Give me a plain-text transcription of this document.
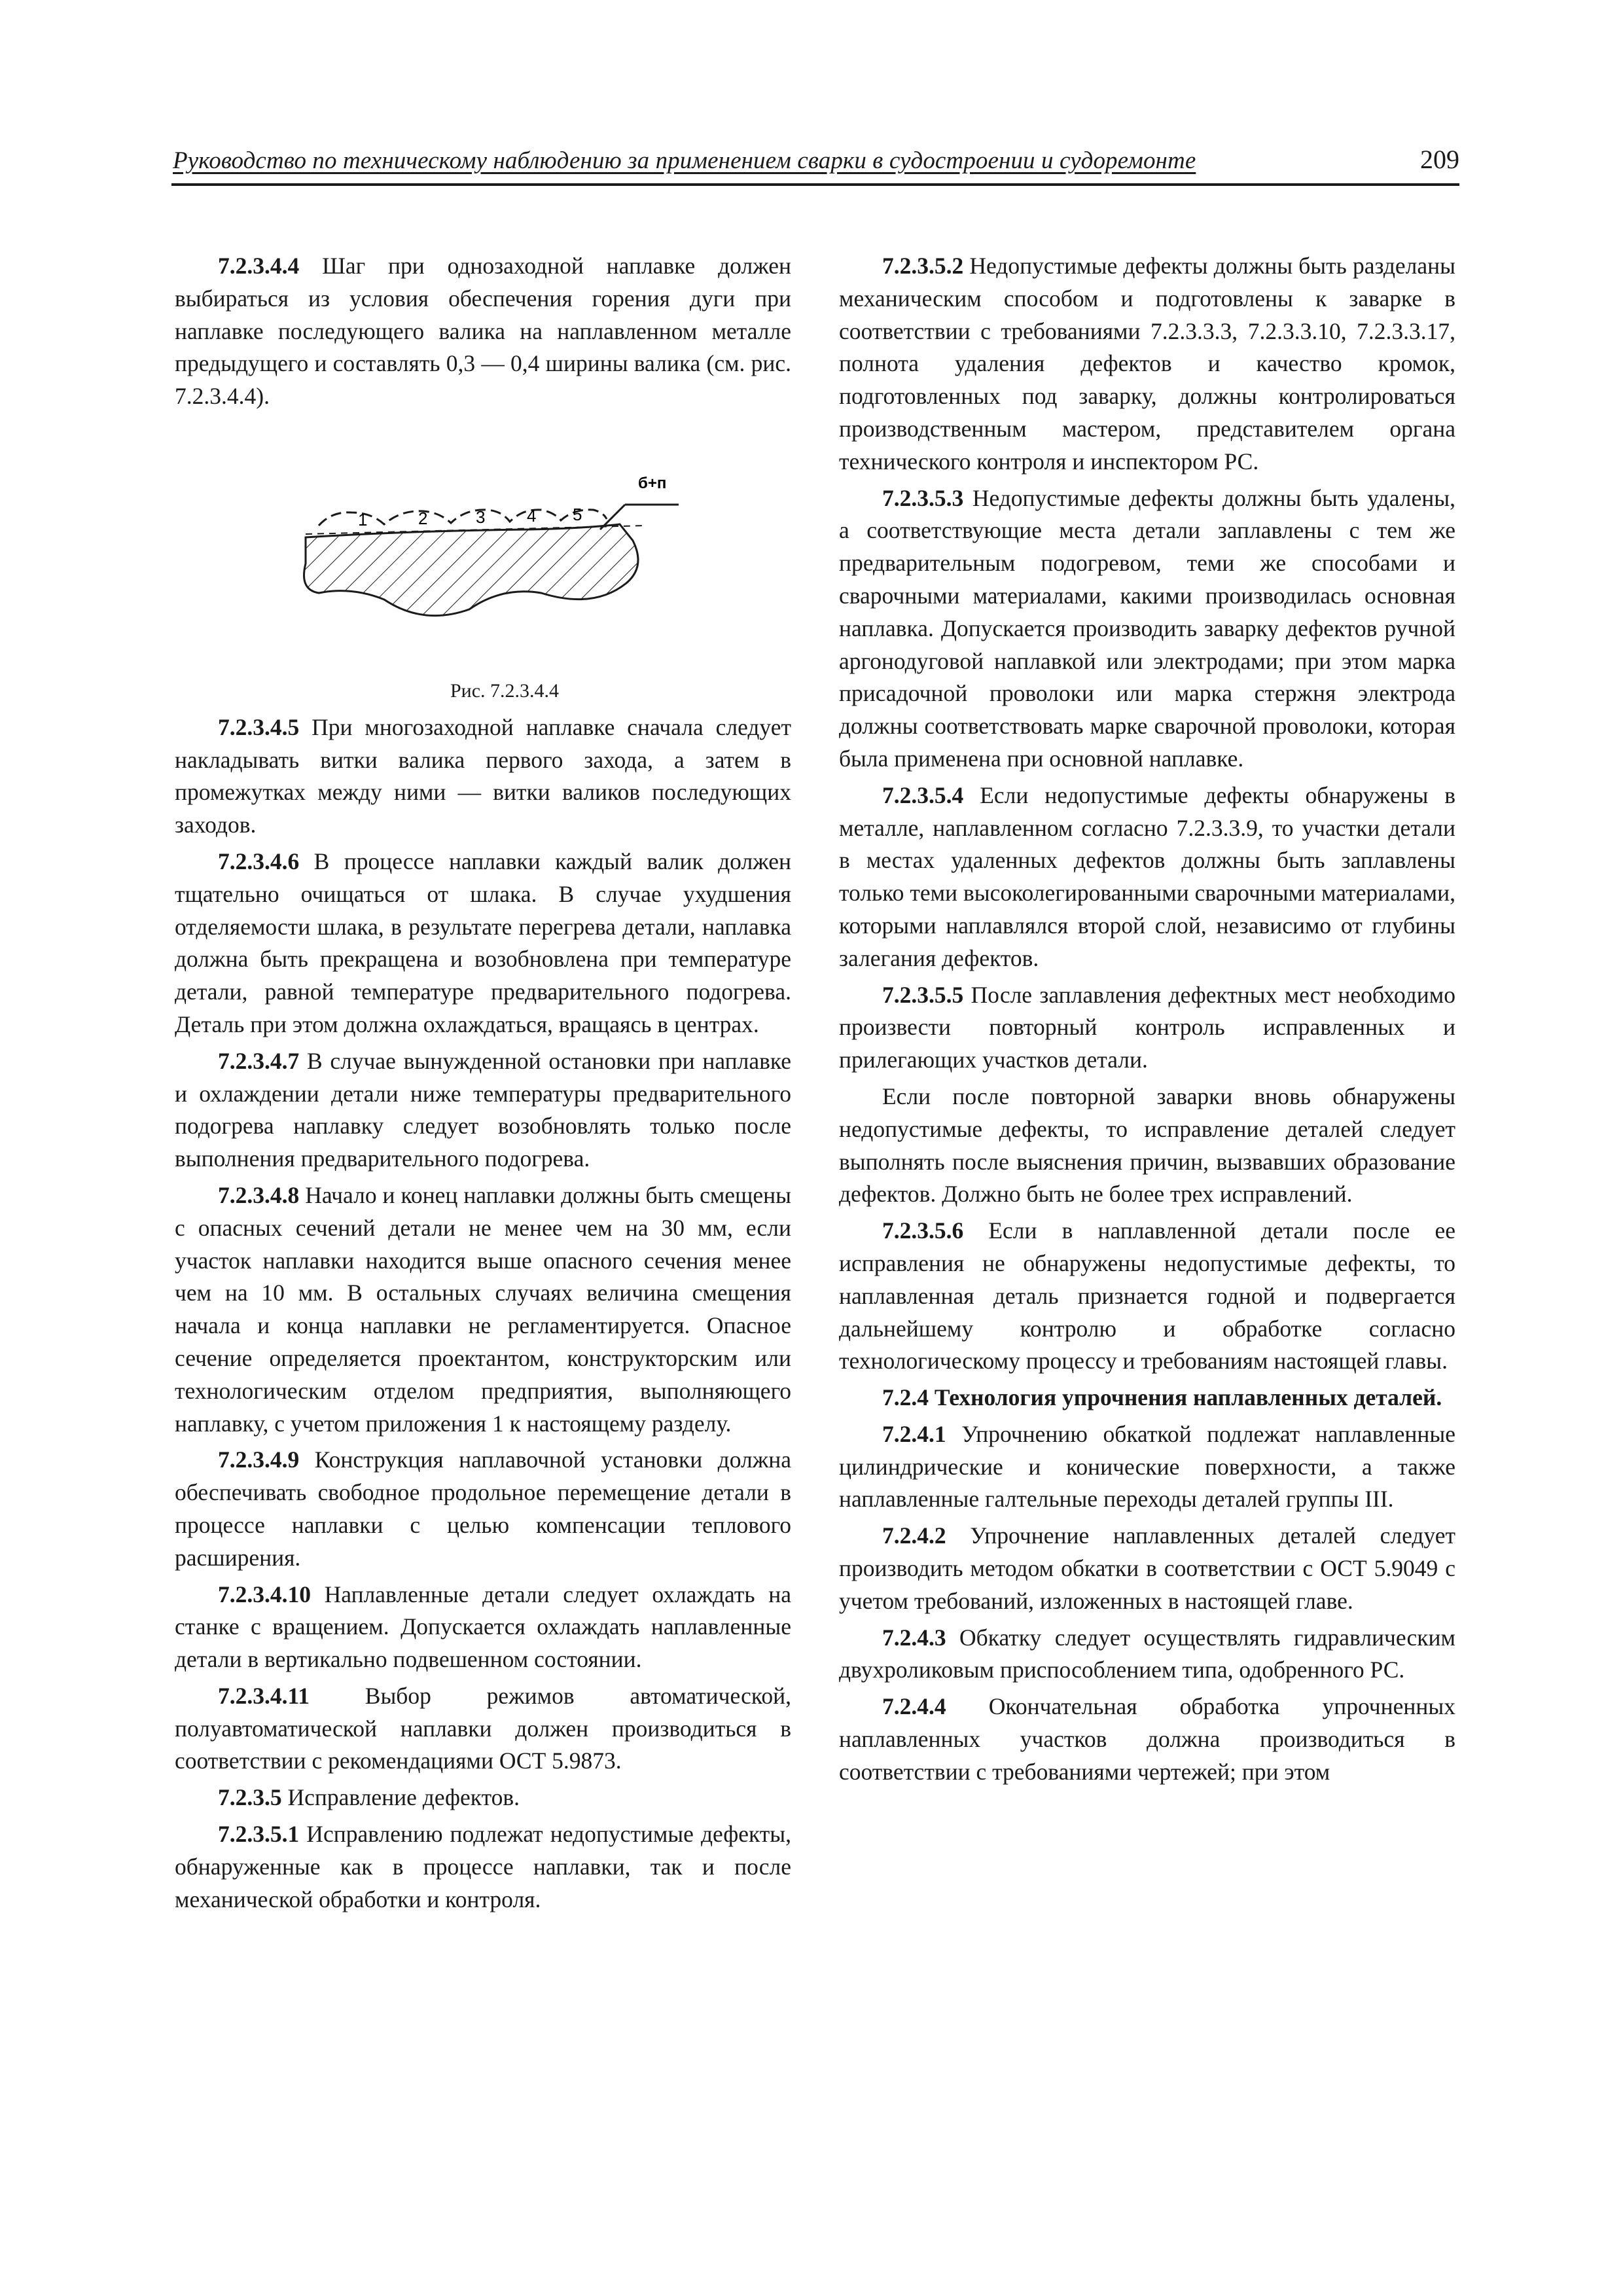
Руководство по техническому наблюдению за применением сварки в судостроении и судоремонте	209

7.2.3.4.4 Шаг при однозаходной наплавке должен выбираться из условия обеспечения горения дуги при наплавке последующего валика на наплавленном металле предыдущего и составлять 0,3 — 0,4 ширины валика (см. рис. 7.2.3.4.4).

б+п
1	2	3 4 5

Рис. 7.2.3.4.4

7.2.3.4.5 При многозаходной наплавке сначала следует накладывать витки валика первого захода, а затем в промежутках между ними — витки валиков последующих заходов.

7.2.3.4.6 В процессе наплавки каждый валик должен тщательно очищаться от шлака. В случае ухудшения отделяемости шлака, в результате перегрева детали, наплавка должна быть прекращена и возобновлена при температуре детали, равной температуре предварительного подогрева. Деталь при этом должна охлаждаться, вращаясь в центрах.

7.2.3.4.7 В случае вынужденной остановки при наплавке и охлаждении детали ниже температуры предварительного подогрева наплавку следует возобновлять только после выполнения предварительного подогрева.

7.2.3.4.8 Начало и конец наплавки должны быть смещены с опасных сечений детали не менее чем на 30 мм, если участок наплавки находится выше опасного сечения менее чем на 10 мм. В остальных случаях величина смещения начала и конца наплавки не регламентируется. Опасное сечение определяется проектантом, конструкторским или технологическим отделом предприятия, выполняющего наплавку, с учетом приложения 1 к настоящему разделу.

7.2.3.4.9 Конструкция наплавочной установки должна обеспечивать свободное продольное перемещение детали в процессе наплавки с целью компенсации теплового расширения.

7.2.3.4.10 Наплавленные детали следует охлаждать на станке с вращением. Допускается охлаждать наплавленные детали в вертикально подвешенном состоянии.

7.2.3.4.11 Выбор режимов автоматической, полуавтоматической наплавки должен производиться в соответствии с рекомендациями ОСТ 5.9873.

7.2.3.5 Исправление дефектов.

7.2.3.5.1 Исправлению подлежат недопустимые дефекты, обнаруженные как в процессе наплавки, так и после механической обработки и контроля.

7.2.3.5.2 Недопустимые дефекты должны быть разделаны механическим способом и подготовлены к заварке в соответствии с требованиями 7.2.3.3.3, 7.2.3.3.10, 7.2.3.3.17, полнота удаления дефектов и качество кромок, подготовленных под заварку, должны контролироваться производственным мастером, представителем органа технического контроля и инспектором РС.

7.2.3.5.3 Недопустимые дефекты должны быть удалены, а соответствующие места детали заплавлены с тем же предварительным подогревом, теми же способами и сварочными материалами, какими производилась основная наплавка. Допускается производить заварку дефектов ручной аргонодуговой наплавкой или электродами; при этом марка присадочной проволоки или марка стержня электрода должны соответствовать марке сварочной проволоки, которая была применена при основной наплавке.

7.2.3.5.4 Если недопустимые дефекты обнаружены в металле, наплавленном согласно 7.2.3.3.9, то участки детали в местах удаленных дефектов должны быть заплавлены только теми высоколегированными сварочными материалами, которыми наплавлялся второй слой, независимо от глубины залегания дефектов.

7.2.3.5.5 После заплавления дефектных мест необходимо произвести повторный контроль исправленных и прилегающих участков детали.

Если после повторной заварки вновь обнаружены недопустимые дефекты, то исправление деталей следует выполнять после выяснения причин, вызвавших образование дефектов. Должно быть не более трех исправлений.

7.2.3.5.6 Если в наплавленной детали после ее исправления не обнаружены недопустимые дефекты, то наплавленная деталь признается годной и подвергается дальнейшему контролю и обработке согласно технологическому процессу и требованиям настоящей главы.

7.2.4 Технология упрочнения наплавленных деталей.

7.2.4.1 Упрочнению обкаткой подлежат наплавленные цилиндрические и конические поверхности, а также наплавленные галтельные переходы деталей группы III.

7.2.4.2 Упрочнение наплавленных деталей следует производить методом обкатки в соответствии с ОСТ 5.9049 с учетом требований, изложенных в настоящей главе.

7.2.4.3 Обкатку следует осуществлять гидравлическим двухроликовым приспособлением типа, одобренного РС.

7.2.4.4 Окончательная обработка упрочненных наплавленных участков должна производиться в соответствии с требованиями чертежей; при этом
